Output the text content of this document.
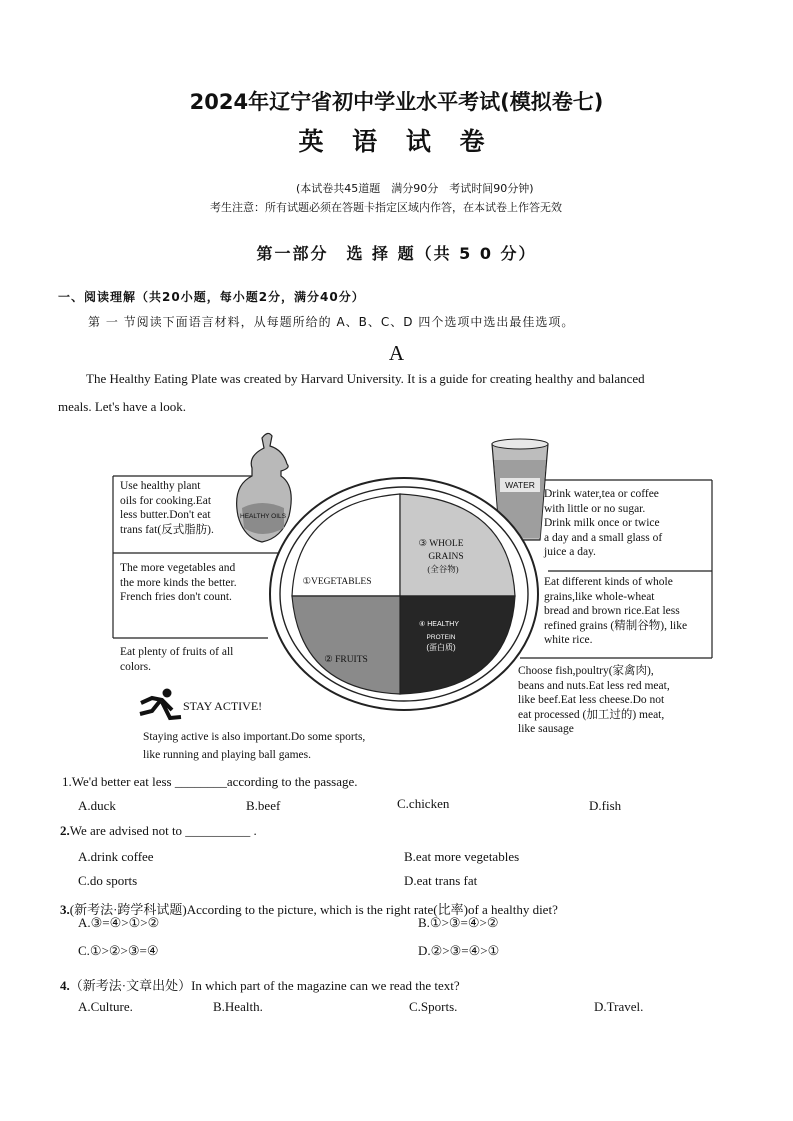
2024年辽宁省初中学业水平考试(模拟卷七)
英 语 试 卷
(本试卷共45道题　满分90分　考试时间90分钟)
考生注意：所有试题必须在答题卡指定区域内作答，在本试卷上作答无效
第一部分　选 择 题（共 5 0 分）
一、阅读理解（共20小题，每小题2分，满分40分）
第 一 节阅读下面语言材料，从每题所给的 A、B、C、D 四个选项中选出最佳选项。
A
The Healthy Eating Plate was created by Harvard University. It is a guide for creating healthy and balanced meals. Let's have a look.
HEALTHY OILS
WATER
①VEGETABLES
③ WHOLE
GRAINS
(全谷物)
② FRUITS
④ HEALTHY
PROTEIN
(蛋白质)
Use healthy plant
oils for cooking.Eat
less butter.Don't eat
trans fat(反式脂肪).
The more vegetables and
the more kinds the better.
French fries don't count.
Eat plenty of fruits of all
colors.
Drink water,tea or coffee
with little or no sugar.
Drink milk once or twice
a day and a small glass of
juice a day.
Eat different kinds of whole
grains,like whole-wheat
bread and brown rice.Eat less
refined grains (精制谷物), like
white rice.
Choose fish,poultry(家禽肉),
beans and nuts.Eat less red meat,
like beef.Eat less cheese.Do not
eat processed (加工过的) meat,
like sausage
STAY ACTIVE!
Staying active is also important.Do some sports,
like running and playing ball games.
1.We'd better eat less ________according to the passage.
A.duck	B.beef	C.chicken	D.fish
2.We are advised not to __________ .
A.drink coffee	B.eat more vegetables
C.do sports	D.eat trans fat
3.(新考法·跨学科试题)According to the picture, which is the right rate(比率)of a healthy diet?
A.③=④>①>②	B.①>③=④>②
C.①>②>③=④	D.②>③=④>①
4.（新考法·文章出处）In which part of the magazine can we read the text?
A.Culture.	B.Health.	C.Sports.	D.Travel.
